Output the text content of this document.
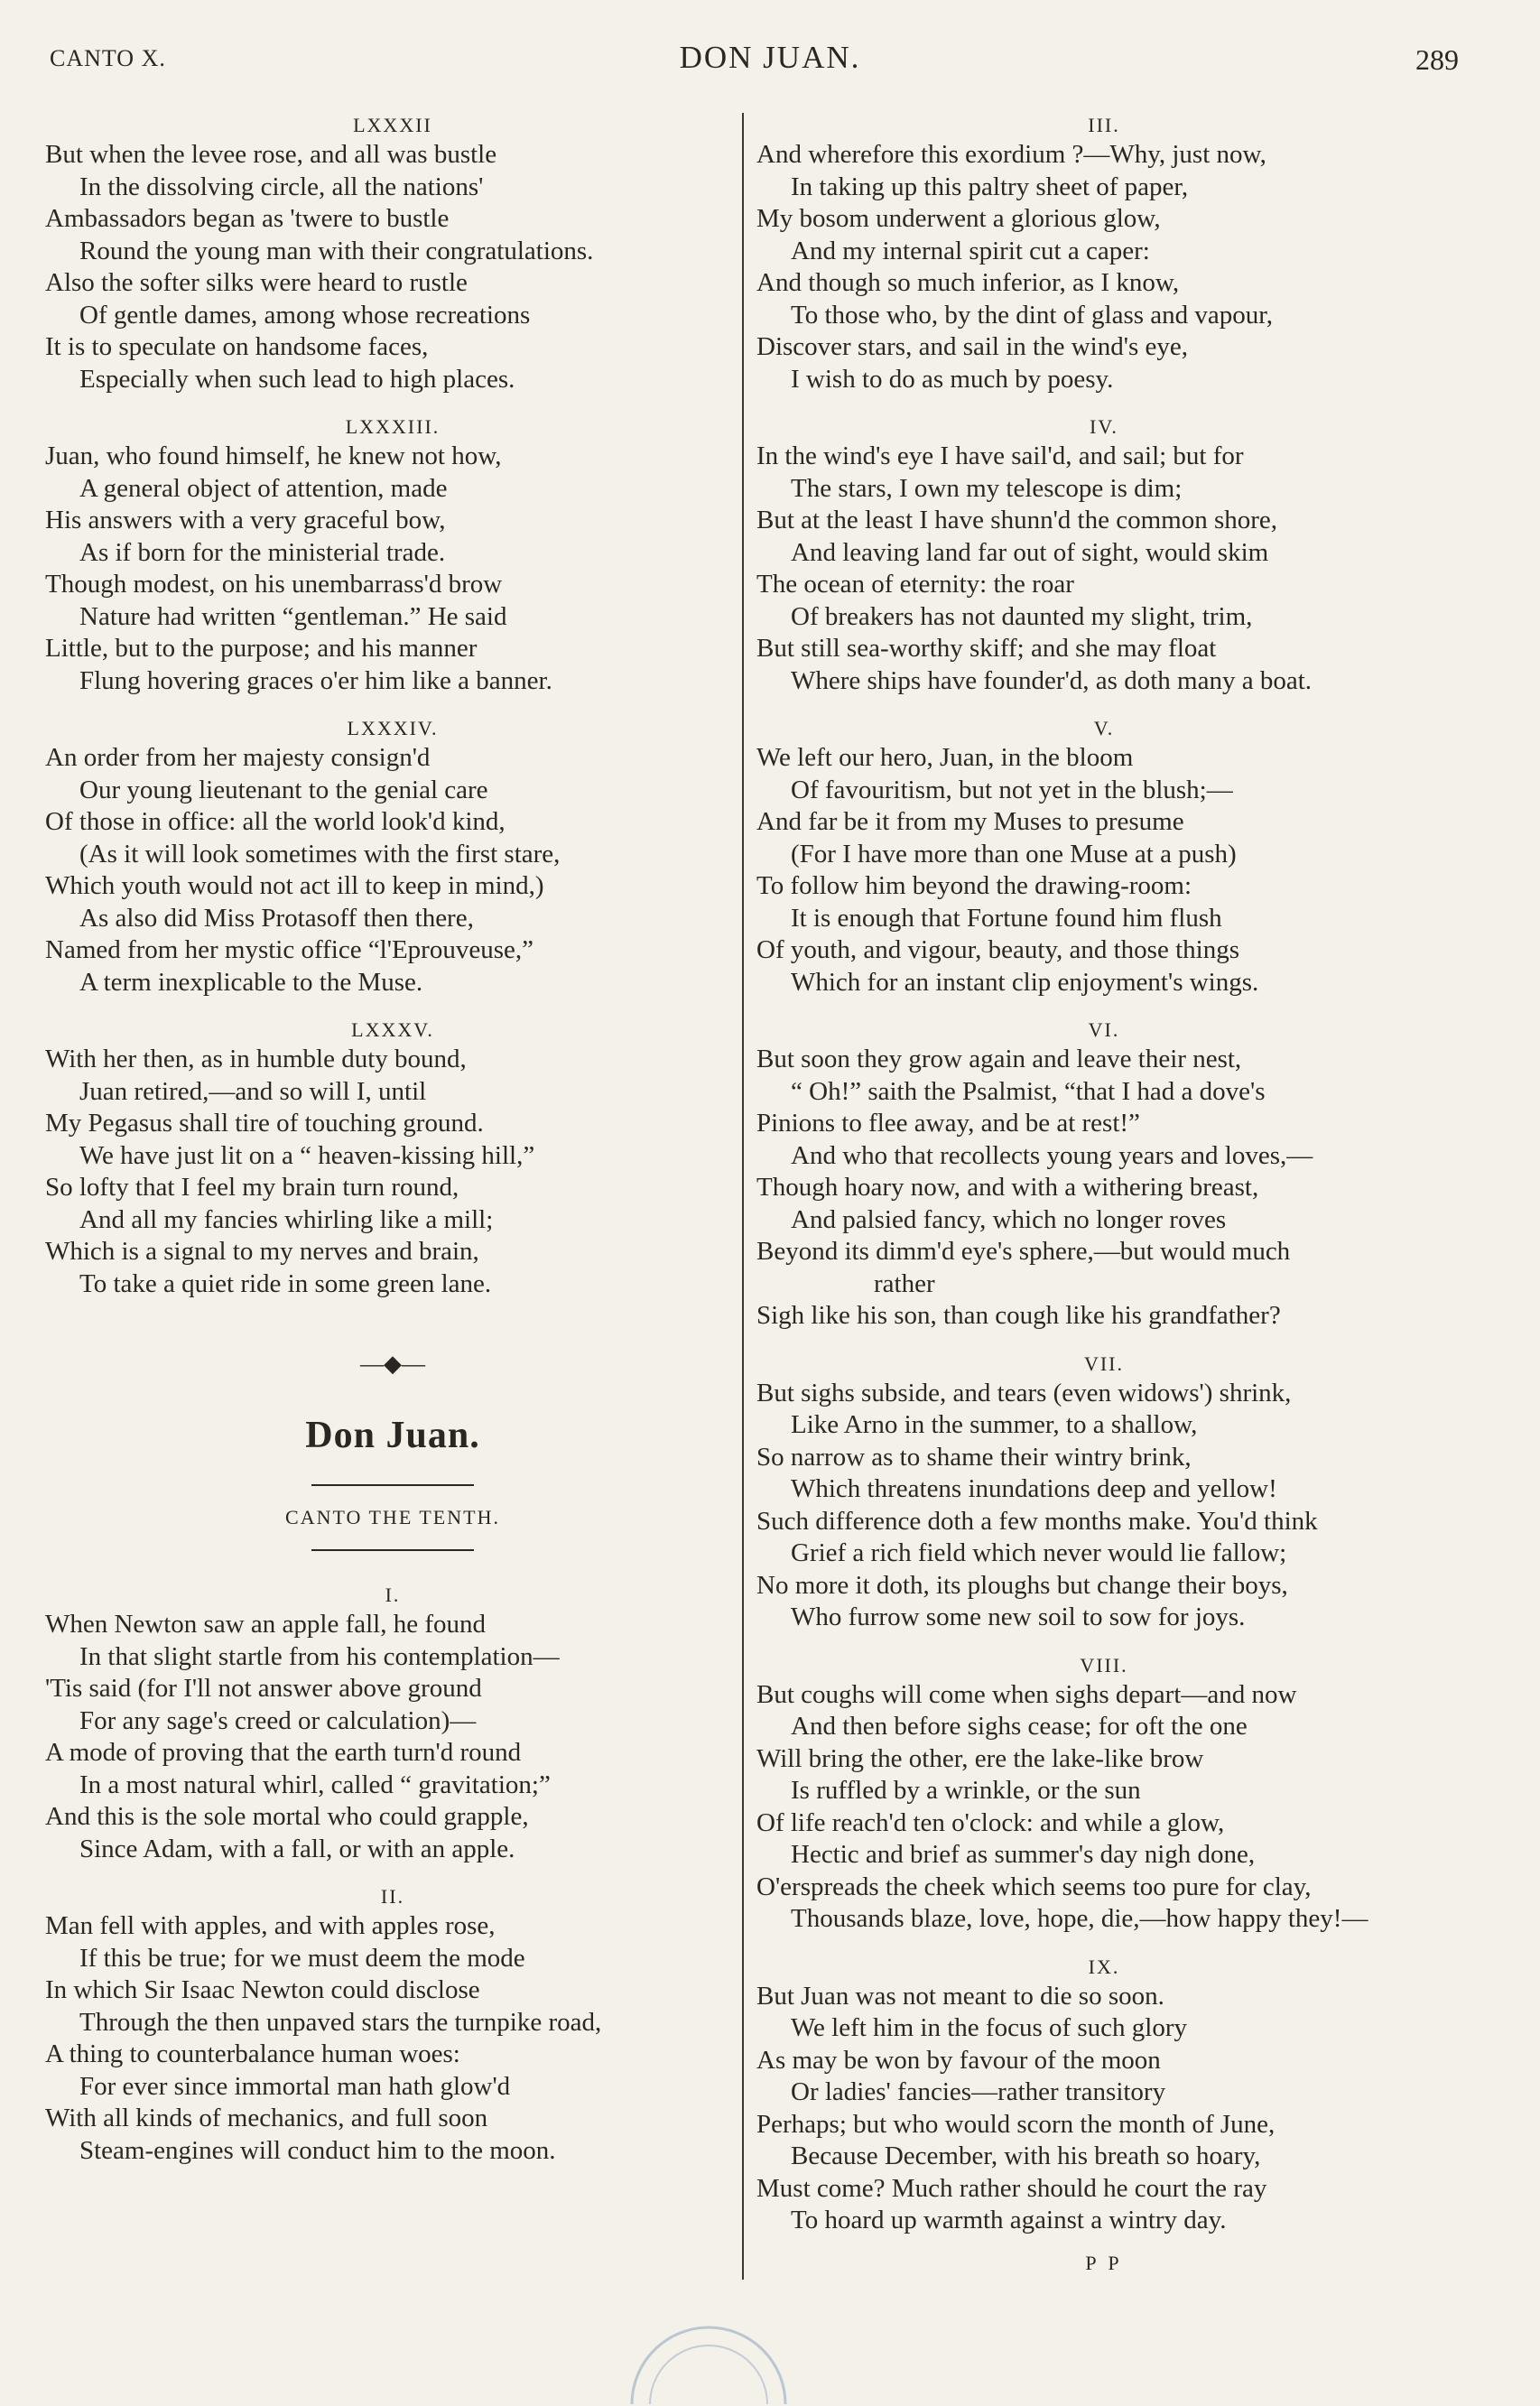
CANTO X.	DON JUAN.	289
LXXXII
But when the levee rose, and all was bustle
In the dissolving circle, all the nations'
Ambassadors began as 'twere to bustle
Round the young man with their congratulations.
Also the softer silks were heard to rustle
Of gentle dames, among whose recreations
It is to speculate on handsome faces,
Especially when such lead to high places.
LXXXIII.
Juan, who found himself, he knew not how,
A general object of attention, made
His answers with a very graceful bow,
As if born for the ministerial trade.
Though modest, on his unembarrass'd brow
Nature had written “gentleman.” He said
Little, but to the purpose; and his manner
Flung hovering graces o'er him like a banner.
LXXXIV.
An order from her majesty consign'd
Our young lieutenant to the genial care
Of those in office: all the world look'd kind,
(As it will look sometimes with the first stare,
Which youth would not act ill to keep in mind,)
As also did Miss Protasoff then there,
Named from her mystic office “l'Eprouveuse,”
A term inexplicable to the Muse.
LXXXV.
With her then, as in humble duty bound,
Juan retired,—and so will I, until
My Pegasus shall tire of touching ground.
We have just lit on a “ heaven-kissing hill,”
So lofty that I feel my brain turn round,
And all my fancies whirling like a mill;
Which is a signal to my nerves and brain,
To take a quiet ride in some green lane.
—◆—
Don Juan.
CANTO THE TENTH.
I.
When Newton saw an apple fall, he found
In that slight startle from his contemplation—
'Tis said (for I'll not answer above ground
For any sage's creed or calculation)—
A mode of proving that the earth turn'd round
In a most natural whirl, called “ gravitation;”
And this is the sole mortal who could grapple,
Since Adam, with a fall, or with an apple.
II.
Man fell with apples, and with apples rose,
If this be true; for we must deem the mode
In which Sir Isaac Newton could disclose
Through the then unpaved stars the turnpike road,
A thing to counterbalance human woes:
For ever since immortal man hath glow'd
With all kinds of mechanics, and full soon
Steam-engines will conduct him to the moon.
III.
And wherefore this exordium ?—Why, just now,
In taking up this paltry sheet of paper,
My bosom underwent a glorious glow,
And my internal spirit cut a caper:
And though so much inferior, as I know,
To those who, by the dint of glass and vapour,
Discover stars, and sail in the wind's eye,
I wish to do as much by poesy.
IV.
In the wind's eye I have sail'd, and sail; but for
The stars, I own my telescope is dim;
But at the least I have shunn'd the common shore,
And leaving land far out of sight, would skim
The ocean of eternity: the roar
Of breakers has not daunted my slight, trim,
But still sea-worthy skiff; and she may float
Where ships have founder'd, as doth many a boat.
V.
We left our hero, Juan, in the bloom
Of favouritism, but not yet in the blush;—
And far be it from my Muses to presume
(For I have more than one Muse at a push)
To follow him beyond the drawing-room:
It is enough that Fortune found him flush
Of youth, and vigour, beauty, and those things
Which for an instant clip enjoyment's wings.
VI.
But soon they grow again and leave their nest,
“ Oh!” saith the Psalmist, “that I had a dove's
Pinions to flee away, and be at rest!”
And who that recollects young years and loves,—
Though hoary now, and with a withering breast,
And palsied fancy, which no longer roves
Beyond its dimm'd eye's sphere,—but would much
rather
Sigh like his son, than cough like his grandfather?
VII.
But sighs subside, and tears (even widows') shrink,
Like Arno in the summer, to a shallow,
So narrow as to shame their wintry brink,
Which threatens inundations deep and yellow!
Such difference doth a few months make. You'd think
Grief a rich field which never would lie fallow;
No more it doth, its ploughs but change their boys,
Who furrow some new soil to sow for joys.
VIII.
But coughs will come when sighs depart—and now
And then before sighs cease; for oft the one
Will bring the other, ere the lake-like brow
Is ruffled by a wrinkle, or the sun
Of life reach'd ten o'clock: and while a glow,
Hectic and brief as summer's day nigh done,
O'erspreads the cheek which seems too pure for clay,
Thousands blaze, love, hope, die,—how happy they!—
IX.
But Juan was not meant to die so soon.
We left him in the focus of such glory
As may be won by favour of the moon
Or ladies' fancies—rather transitory
Perhaps; but who would scorn the month of June,
Because December, with his breath so hoary,
Must come? Much rather should he court the ray
To hoard up warmth against a wintry day.
P P
